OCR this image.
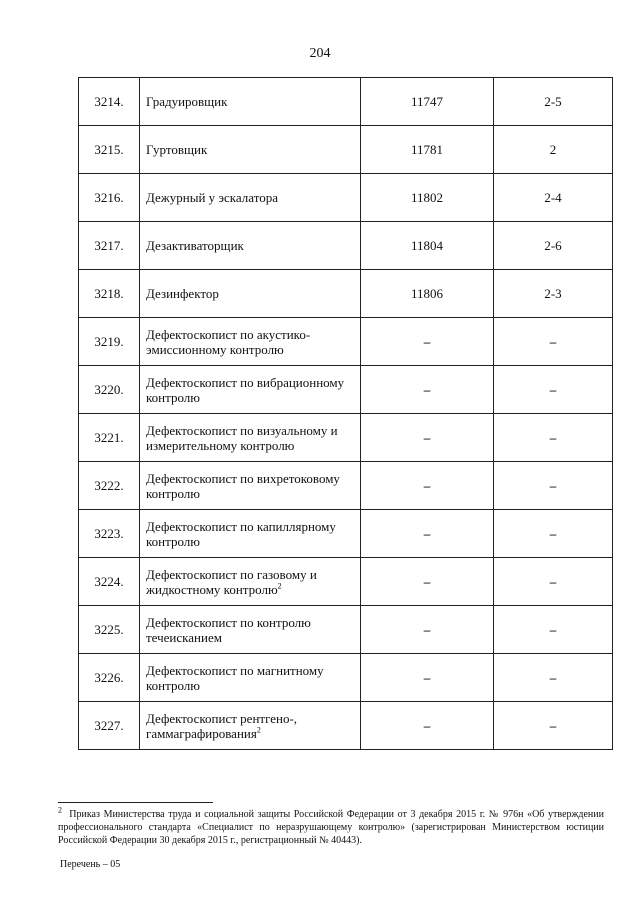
204
3214.	Градуировщик	11747	2-5
3215.	Гуртовщик	11781	2
3216.	Дежурный у эскалатора	11802	2-4
3217.	Дезактиваторщик	11804	2-6
3218.	Дезинфектор	11806	2-3
3219.	Дефектоскопист по акустико-эмиссионному контролю	–	–
3220.	Дефектоскопист по вибрационному контролю	–	–
3221.	Дефектоскопист по визуальному и измерительному контролю	–	–
3222.	Дефектоскопист по вихретоковому контролю	–	–
3223.	Дефектоскопист по капиллярному контролю	–	–
3224.	Дефектоскопист по газовому и жидкостному контролю$^2$	–	–
3225.	Дефектоскопист по контролю течеисканием	–	–
3226.	Дефектоскопист по магнитному контролю	–	–
3227.	Дефектоскопист рентгено-, гаммаграфирования$^2$	–	–
$^2$ Приказ Министерства труда и социальной защиты Российской Федерации от 3 декабря 2015 г. № 976н «Об утверждении профессионального стандарта «Специалист по неразрушающему контролю» (зарегистрирован Министерством юстиции Российской Федерации 30 декабря 2015 г., регистрационный № 40443).
Перечень – 05
